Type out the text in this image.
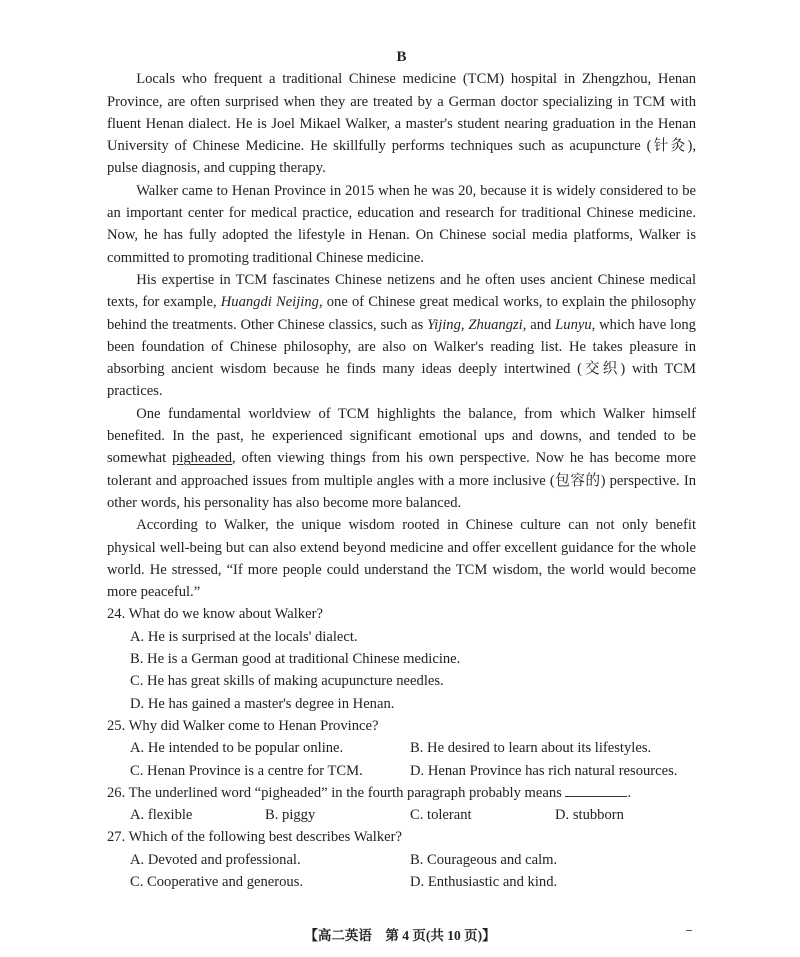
B

Locals who frequent a traditional Chinese medicine (TCM) hospital in Zhengzhou, Henan Province, are often surprised when they are treated by a German doctor specializing in TCM with fluent Henan dialect. He is Joel Mikael Walker, a master's student nearing graduation in the Henan University of Chinese Medicine. He skillfully performs techniques such as acupuncture (针灸), pulse diagnosis, and cupping therapy.

Walker came to Henan Province in 2015 when he was 20, because it is widely considered to be an important center for medical practice, education and research for traditional Chinese medicine. Now, he has fully adopted the lifestyle in Henan. On Chinese social media platforms, Walker is committed to promoting traditional Chinese medicine.

His expertise in TCM fascinates Chinese netizens and he often uses ancient Chinese medical texts, for example, Huangdi Neijing, one of Chinese great medical works, to explain the philosophy behind the treatments. Other Chinese classics, such as Yijing, Zhuangzi, and Lunyu, which have long been foundation of Chinese philosophy, are also on Walker's reading list. He takes pleasure in absorbing ancient wisdom because he finds many ideas deeply intertwined (交织) with TCM practices.

One fundamental worldview of TCM highlights the balance, from which Walker himself benefited. In the past, he experienced significant emotional ups and downs, and tended to be somewhat pigheaded, often viewing things from his own perspective. Now he has become more tolerant and approached issues from multiple angles with a more inclusive (包容的) perspective. In other words, his personality has also become more balanced.

According to Walker, the unique wisdom rooted in Chinese culture can not only benefit physical well-being but can also extend beyond medicine and offer excellent guidance for the whole world. He stressed, “If more people could understand the TCM wisdom, the world would become more peaceful.”

24. What do we know about Walker?

A. He is surprised at the locals' dialect.
B. He is a German good at traditional Chinese medicine.
C. He has great skills of making acupuncture needles.
D. He has gained a master's degree in Henan.

25. Why did Walker come to Henan Province?

A. He intended to be popular online.	B. He desired to learn about its lifestyles.
C. Henan Province is a centre for TCM.	D. Henan Province has rich natural resources.

26. The underlined word “pigheaded” in the fourth paragraph probably means	.

A. flexible	B. piggy	C. tolerant	D. stubborn

27. Which of the following best describes Walker?

A. Devoted and professional.	B. Courageous and calm.
C. Cooperative and generous.	D. Enthusiastic and kind.
【高二英语　第 4 页(共 10 页)】
